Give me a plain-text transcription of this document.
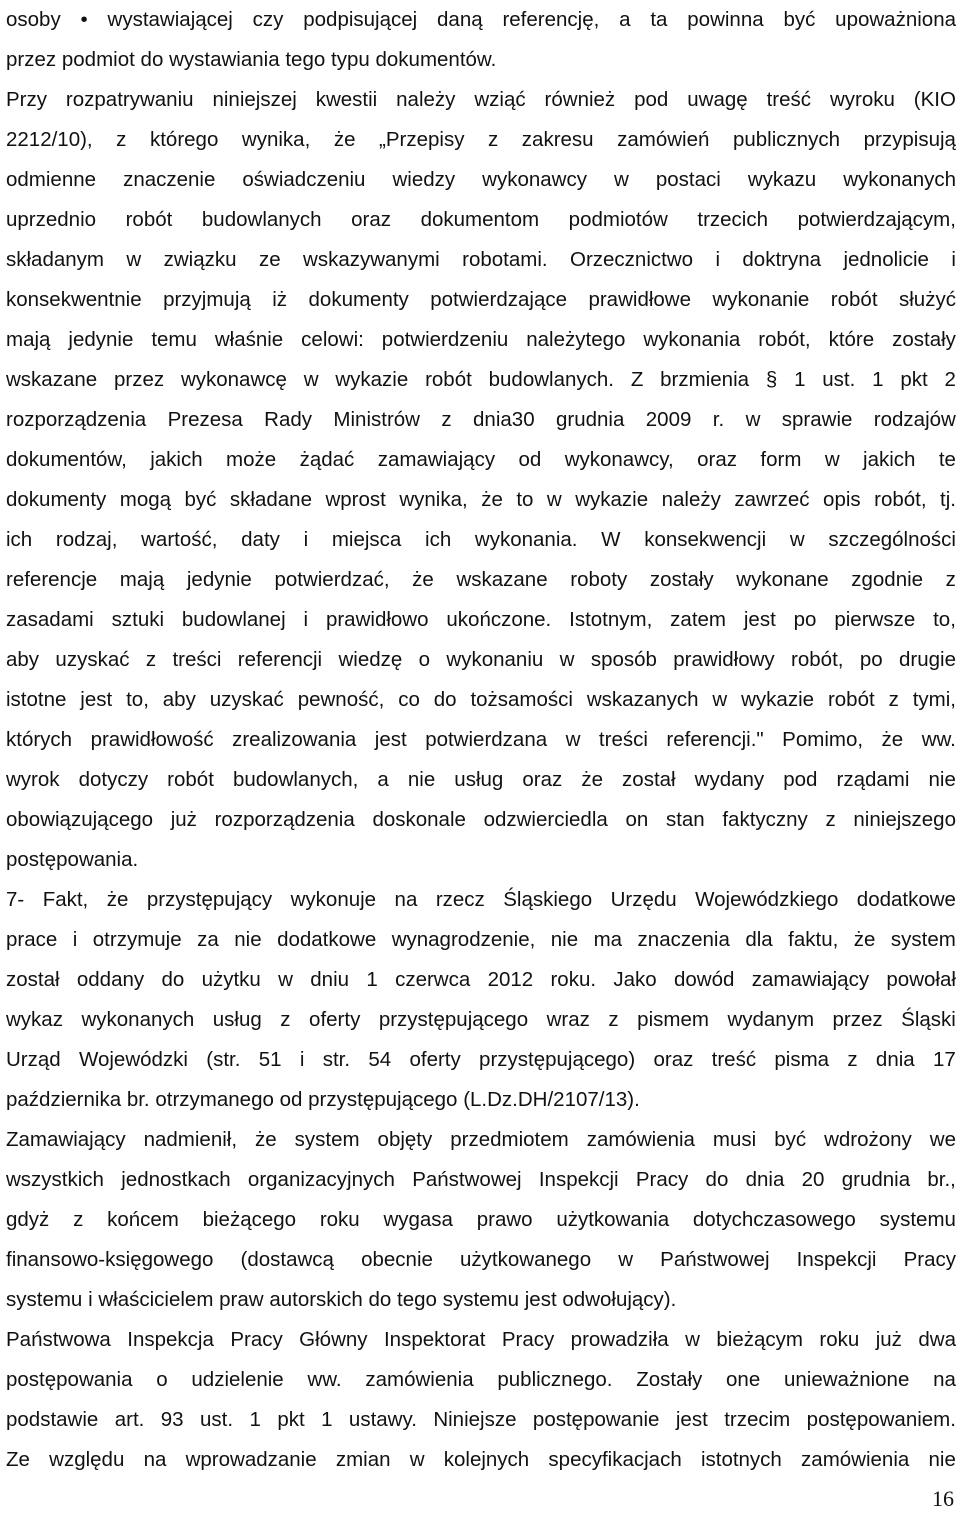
osoby • wystawiającej czy podpisującej daną referencję, a ta powinna być upoważniona
przez podmiot do wystawiania tego typu dokumentów.
Przy rozpatrywaniu niniejszej kwestii należy wziąć również pod uwagę treść wyroku (KIO
2212/10), z którego wynika, że „Przepisy z zakresu zamówień publicznych przypisują
odmienne znaczenie oświadczeniu wiedzy wykonawcy w postaci wykazu wykonanych
uprzednio robót budowlanych oraz dokumentom podmiotów trzecich potwierdzającym,
składanym w związku ze wskazywanymi robotami. Orzecznictwo i doktryna jednolicie i
konsekwentnie przyjmują iż dokumenty potwierdzające prawidłowe wykonanie robót służyć
mają jedynie temu właśnie celowi: potwierdzeniu należytego wykonania robót, które zostały
wskazane przez wykonawcę w wykazie robót budowlanych. Z brzmienia § 1 ust. 1 pkt 2
rozporządzenia Prezesa Rady Ministrów z dnia30 grudnia 2009 r. w sprawie rodzajów
dokumentów, jakich może żądać zamawiający od wykonawcy, oraz form w jakich te
dokumenty mogą być składane wprost wynika, że to w wykazie należy zawrzeć opis robót, tj.
ich rodzaj, wartość, daty i miejsca ich wykonania. W konsekwencji w szczególności
referencje mają jedynie potwierdzać, że wskazane roboty zostały wykonane zgodnie z
zasadami sztuki budowlanej i prawidłowo ukończone. Istotnym, zatem jest po pierwsze to,
aby uzyskać z treści referencji wiedzę o wykonaniu w sposób prawidłowy robót, po drugie
istotne jest to, aby uzyskać pewność, co do tożsamości wskazanych w wykazie robót z tymi,
których prawidłowość zrealizowania jest potwierdzana w treści referencji." Pomimo, że ww.
wyrok dotyczy robót budowlanych, a nie usług oraz że został wydany pod rządami nie
obowiązującego już rozporządzenia doskonale odzwierciedla on stan faktyczny z niniejszego
postępowania.
7- Fakt, że przystępujący wykonuje na rzecz Śląskiego Urzędu Wojewódzkiego dodatkowe
prace i otrzymuje za nie dodatkowe wynagrodzenie, nie ma znaczenia dla faktu, że system
został oddany do użytku w dniu 1 czerwca 2012 roku. Jako dowód zamawiający powołał
wykaz wykonanych usług z oferty przystępującego wraz z pismem wydanym przez Śląski
Urząd Wojewódzki (str. 51 i str. 54 oferty przystępującego) oraz treść pisma z dnia 17
października br. otrzymanego od przystępującego (L.Dz.DH/2107/13).
Zamawiający nadmienił, że system objęty przedmiotem zamówienia musi być wdrożony we
wszystkich jednostkach organizacyjnych Państwowej Inspekcji Pracy do dnia 20 grudnia br.,
gdyż z końcem bieżącego roku wygasa prawo użytkowania dotychczasowego systemu
finansowo-księgowego (dostawcą obecnie użytkowanego w Państwowej Inspekcji Pracy
systemu i właścicielem praw autorskich do tego systemu jest odwołujący).
Państwowa Inspekcja Pracy Główny Inspektorat Pracy prowadziła w bieżącym roku już dwa
postępowania o udzielenie ww. zamówienia publicznego. Zostały one unieważnione na
podstawie art. 93 ust. 1 pkt 1 ustawy. Niniejsze postępowanie jest trzecim postępowaniem.
Ze względu na wprowadzanie zmian w kolejnych specyfikacjach istotnych zamówienia nie
16
